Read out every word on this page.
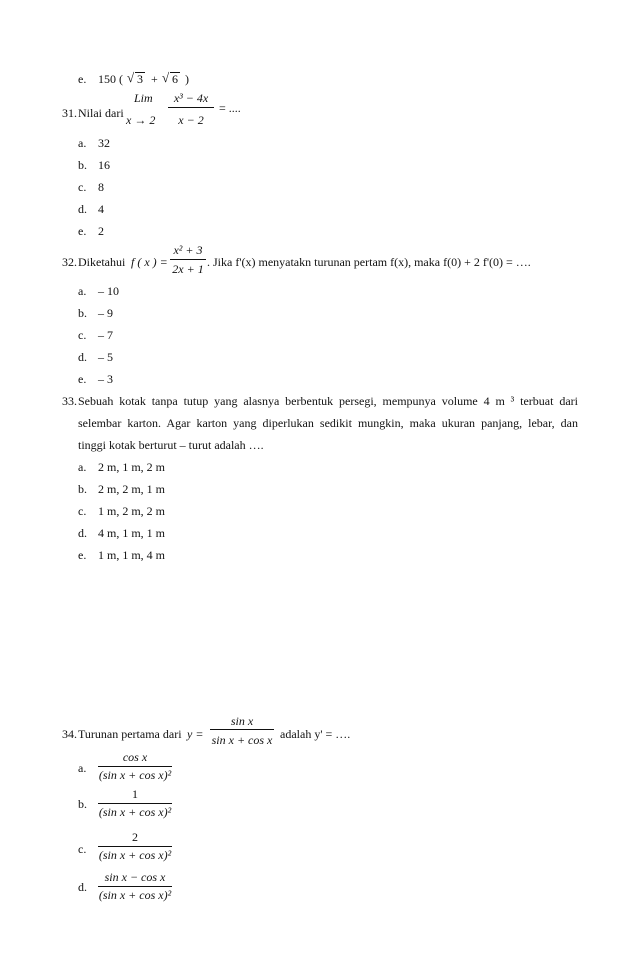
e. 150 ( √ 3 + √ 6 )
31. Nilai dari
Lim
x → 2
x³ − 4x
x − 2
= ....
a. 32
b. 16
c. 8
d. 4
e. 2
32. Diketahui f ( x ) =
x² + 3
2x + 1 . Jika f'(x) menyatakn turunan pertam f(x), maka f(0) + 2 f'(0) = ….
a. – 10
b. – 9
c. – 7
d. – 5
e. – 3
33. Sebuah kotak tanpa tutup yang alasnya berbentuk persegi, mempunya volume 4 m ³ terbuat dari
selembar karton. Agar karton yang diperlukan sedikit mungkin, maka ukuran panjang, lebar, dan
tinggi kotak berturut – turut adalah ….
a. 2 m, 1 m, 2 m
b. 2 m, 2 m, 1 m
c. 1 m, 2 m, 2 m
d. 4 m, 1 m, 1 m
e. 1 m, 1 m, 4 m
34. Turunan pertama dari y =
sin x
sin x + cos x adalah y' = ….
a.
cos x
(sin x + cos x)²
b.
1
(sin x + cos x)²
c.
2
(sin x + cos x)²
d.
sin x − cos x
(sin x + cos x)²
